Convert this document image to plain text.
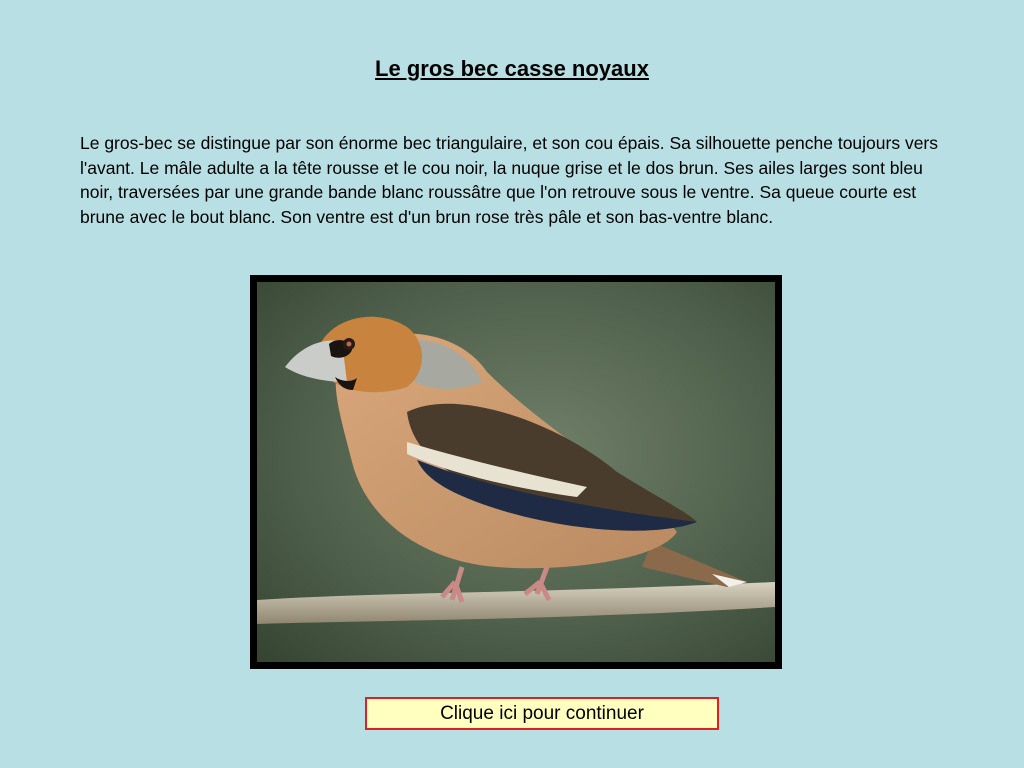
Le gros bec casse noyaux
Le gros-bec se distingue par son énorme bec triangulaire, et son cou épais. Sa silhouette penche toujours vers l'avant. Le mâle adulte a la tête rousse et le cou noir, la nuque grise et le dos brun. Ses ailes larges sont bleu noir, traversées par une grande bande blanc roussâtre que l'on retrouve sous le ventre. Sa queue courte est brune avec le bout blanc. Son ventre est d'un brun rose très pâle et son bas-ventre blanc.
Clique ici pour continuer
